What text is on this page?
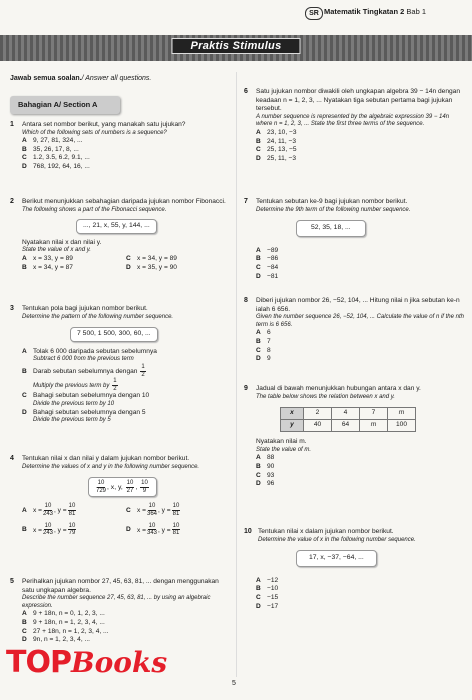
SR Matematik Tingkatan 2 Bab 1
Praktis Stimulus
Jawab semua soalan./ Answer all questions.
Bahagian A/ Section A
1 Antara set nombor berikut, yang manakah satu jujukan?
Which of the following sets of numbers is a sequence?
A 9, 27, 81, 324, ...
B 35, 26, 17, 8, ...
C 1.2, 3.5, 6.2, 9.1, ...
D 768, 192, 64, 16, ...
2 Berikut menunjukkan sebahagian daripada jujukan nombor Fibonacci.
The following shows a part of the Fibonacci sequence.
..., 21, x, 55, y, 144, ...
Nyatakan nilai x dan nilai y.
State the value of x and y.
A x = 33, y = 89	C x = 34, y = 89
B x = 34, y = 87	D x = 35, y = 90
3 Tentukan pola bagi jujukan nombor berikut.
Determine the pattern of the following number sequence.
7 500, 1 500, 300, 60, ...
A Tolak 6 000 daripada sebutan sebelumnya
Subtract 6 000 from the previous term
B Darab sebutan sebelumnya dengan $\frac{1}{2}$
Multiply the previous term by $\frac{1}{2}$
C Bahagi sebutan sebelumnya dengan 10
Divide the previous term by 10
D Bahagi sebutan sebelumnya dengan 5
Divide the previous term by 5
4 Tentukan nilai x dan nilai y dalam jujukan nombor berikut.
Determine the values of x and y in the following number sequence.
$\frac{10}{729}$ , x, y, $\frac{10}{27}$ , $\frac{10}{9}$
A $x = \frac{10}{243}$ , $y = \frac{10}{81}$	C $x = \frac{10}{364}$ , $y = \frac{10}{81}$
B $x = \frac{10}{243}$ , $y = \frac{10}{79}$	D $x = \frac{10}{343}$ , $y = \frac{10}{81}$
5 Perihalkan jujukan nombor 27, 45, 63, 81, ... dengan menggunakan satu ungkapan algebra.
Describe the number sequence 27, 45, 63, 81, ... by using an algebraic expression.
A 9 + 18n, n = 0, 1, 2, 3, ...
B 9 + 18n, n = 1, 2, 3, 4, ...
C 27 + 18n, n = 1, 2, 3, 4, ...
D 9n, n = 1, 2, 3, 4, ...
6 Satu jujukan nombor diwakili oleh ungkapan algebra 39 − 14n dengan keadaan n = 1, 2, 3, ... Nyatakan tiga sebutan pertama bagi jujukan tersebut.
A number sequence is represented by the algebraic expression 39 − 14n where n = 1, 2, 3, ... State the first three terms of the sequence.
A 23, 10, −3
B 24, 11, −3
C 25, 13, −5
D 25, 11, −3
7 Tentukan sebutan ke-9 bagi jujukan nombor berikut.
Determine the 9th term of the following number sequence.
52, 35, 18, ...
A −89
B −86
C −84
D −81
8 Diberi jujukan nombor 26, −52, 104, ... Hitung nilai n jika sebutan ke-n ialah 6 656.
Given the number sequence 26, −52, 104, ... Calculate the value of n if the nth term is 6 656.
A 6
B 7
C 8
D 9
9 Jadual di bawah menunjukkan hubungan antara x dan y.
The table below shows the relation between x and y.
x	2	4	7	m
y	40	64	m	100
Nyatakan nilai m.
State the value of m.
A 88
B 90
C 93
D 96
10 Tentukan nilai x dalam jujukan nombor berikut.
Determine the value of x in the following number sequence.
17, x, −37, −64, ...
A −12
B −10
C −15
D −17
5
TOPBooks
